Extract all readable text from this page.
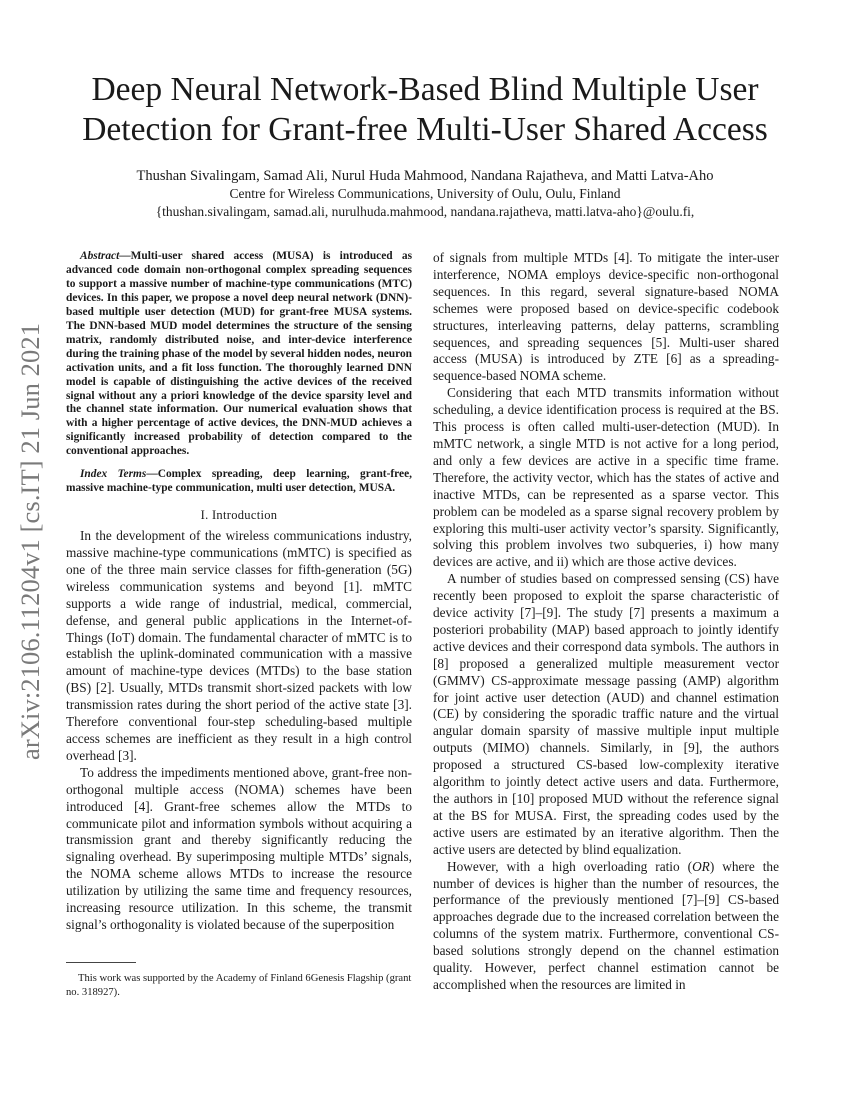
arXiv:2106.11204v1 [cs.IT] 21 Jun 2021
Deep Neural Network-Based Blind Multiple User
Detection for Grant-free Multi-User Shared Access
Thushan Sivalingam, Samad Ali, Nurul Huda Mahmood, Nandana Rajatheva, and Matti Latva-Aho
Centre for Wireless Communications, University of Oulu, Oulu, Finland
{thushan.sivalingam, samad.ali, nurulhuda.mahmood, nandana.rajatheva, matti.latva-aho}@oulu.fi,

Abstract—Multi-user shared access (MUSA) is introduced as advanced code domain non-orthogonal complex spreading sequences to support a massive number of machine-type communications (MTC) devices. In this paper, we propose a novel deep neural network (DNN)-based multiple user detection (MUD) for grant-free MUSA systems. The DNN-based MUD model determines the structure of the sensing matrix, randomly distributed noise, and inter-device interference during the training phase of the model by several hidden nodes, neuron activation units, and a fit loss function. The thoroughly learned DNN model is capable of distinguishing the active devices of the received signal without any a priori knowledge of the device sparsity level and the channel state information. Our numerical evaluation shows that with a higher percentage of active devices, the DNN-MUD achieves a significantly increased probability of detection compared to the conventional approaches.

Index Terms—Complex spreading, deep learning, grant-free, massive machine-type communication, multi user detection, MUSA.

I. Introduction

In the development of the wireless communications industry, massive machine-type communications (mMTC) is specified as one of the three main service classes for fifth-generation (5G) wireless communication systems and beyond [1]. mMTC supports a wide range of industrial, medical, commercial, defense, and general public applications in the Internet-of-Things (IoT) domain. The fundamental character of mMTC is to establish the uplink-dominated communication with a massive amount of machine-type devices (MTDs) to the base station (BS) [2]. Usually, MTDs transmit short-sized packets with low transmission rates during the short period of the active state [3]. Therefore conventional four-step scheduling-based multiple access schemes are inefficient as they result in a high control overhead [3].

To address the impediments mentioned above, grant-free non-orthogonal multiple access (NOMA) schemes have been introduced [4]. Grant-free schemes allow the MTDs to communicate pilot and information symbols without acquiring a transmission grant and thereby significantly reducing the signaling overhead. By superimposing multiple MTDs’ signals, the NOMA scheme allows MTDs to increase the resource utilization by utilizing the same time and frequency resources, increasing resource utilization. In this scheme, the transmit signal’s orthogonality is violated because of the superposition

This work was supported by the Academy of Finland 6Genesis Flagship (grant no. 318927).

of signals from multiple MTDs [4]. To mitigate the inter-user interference, NOMA employs device-specific non-orthogonal sequences. In this regard, several signature-based NOMA schemes were proposed based on device-specific codebook structures, interleaving patterns, delay patterns, scrambling sequences, and spreading sequences [5]. Multi-user shared access (MUSA) is introduced by ZTE [6] as a spreading-sequence-based NOMA scheme.

Considering that each MTD transmits information without scheduling, a device identification process is required at the BS. This process is often called multi-user-detection (MUD). In mMTC network, a single MTD is not active for a long period, and only a few devices are active in a specific time frame. Therefore, the activity vector, which has the states of active and inactive MTDs, can be represented as a sparse vector. This problem can be modeled as a sparse signal recovery problem by exploring this multi-user activity vector’s sparsity. Significantly, solving this problem involves two subqueries, i) how many devices are active, and ii) which are those active devices.

A number of studies based on compressed sensing (CS) have recently been proposed to exploit the sparse characteristic of device activity [7]–[9]. The study [7] presents a maximum a posteriori probability (MAP) based approach to jointly identify active devices and their correspond data symbols. The authors in [8] proposed a generalized multiple measurement vector (GMMV) CS-approximate message passing (AMP) algorithm for joint active user detection (AUD) and channel estimation (CE) by considering the sporadic traffic nature and the virtual angular domain sparsity of massive multiple input multiple outputs (MIMO) channels. Similarly, in [9], the authors proposed a structured CS-based low-complexity iterative algorithm to jointly detect active users and data. Furthermore, the authors in [10] proposed MUD without the reference signal at the BS for MUSA. First, the spreading codes used by the active users are estimated by an iterative algorithm. Then the active users are detected by blind equalization.

However, with a high overloading ratio (OR) where the number of devices is higher than the number of resources, the performance of the previously mentioned [7]–[9] CS-based approaches degrade due to the increased correlation between the columns of the system matrix. Furthermore, conventional CS-based solutions strongly depend on the channel estimation quality. However, perfect channel estimation cannot be accomplished when the resources are limited in
